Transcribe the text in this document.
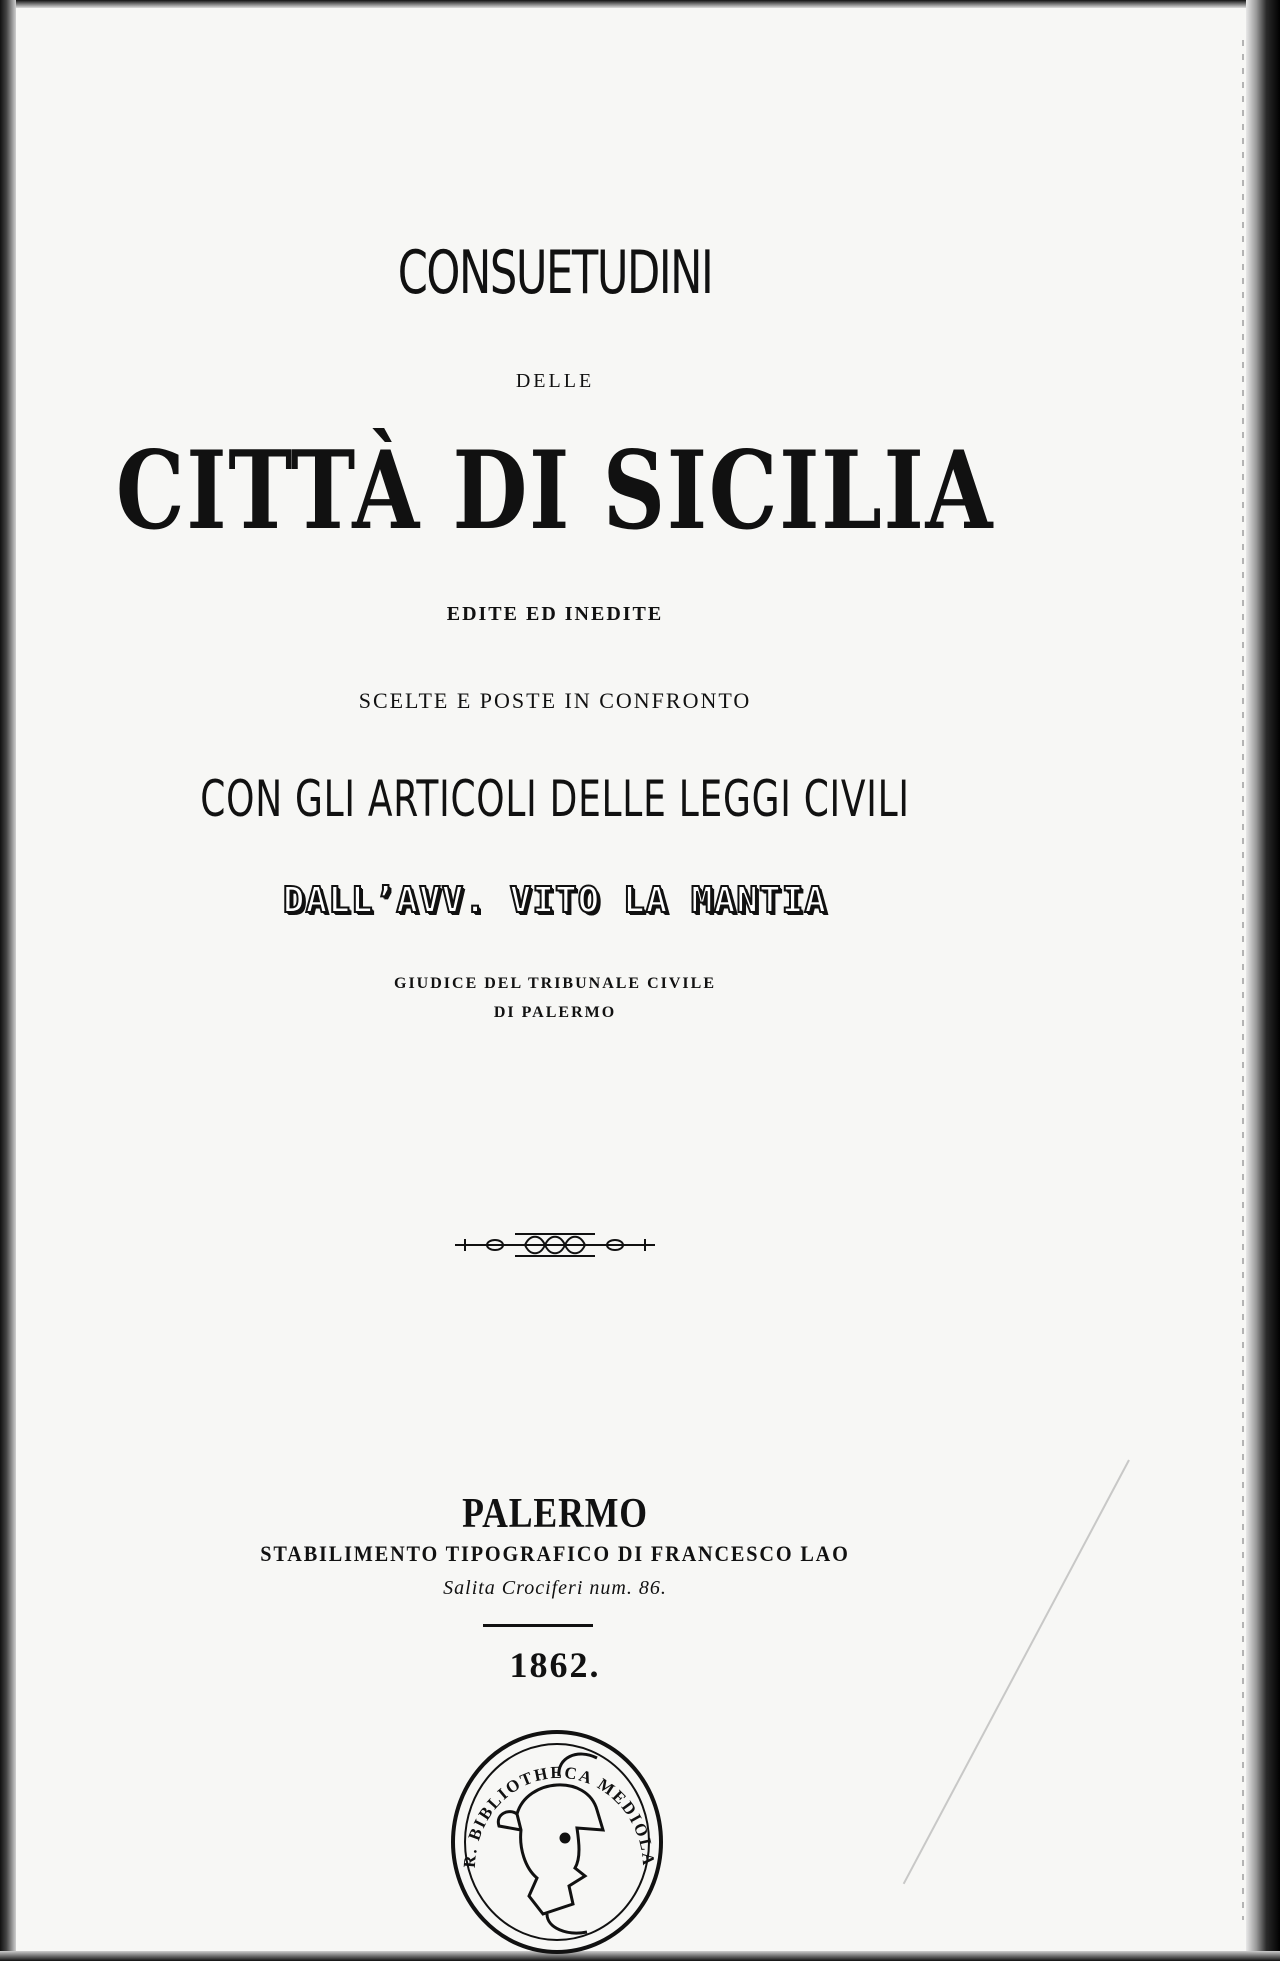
CONSUETUDINI
DELLE
CITTÀ DI SICILIA
EDITE ED INEDITE
SCELTE E POSTE IN CONFRONTO
CON GLI ARTICOLI DELLE LEGGI CIVILI
DALL’AVV. VITO LA MANTIA
GIUDICE DEL TRIBUNALE CIVILE
DI PALERMO
PALERMO
STABILIMENTO TIPOGRAFICO DI FRANCESCO LAO
Salita Crociferi num. 86.
1862.
R. BIBLIOTHECA MEDIOLA
